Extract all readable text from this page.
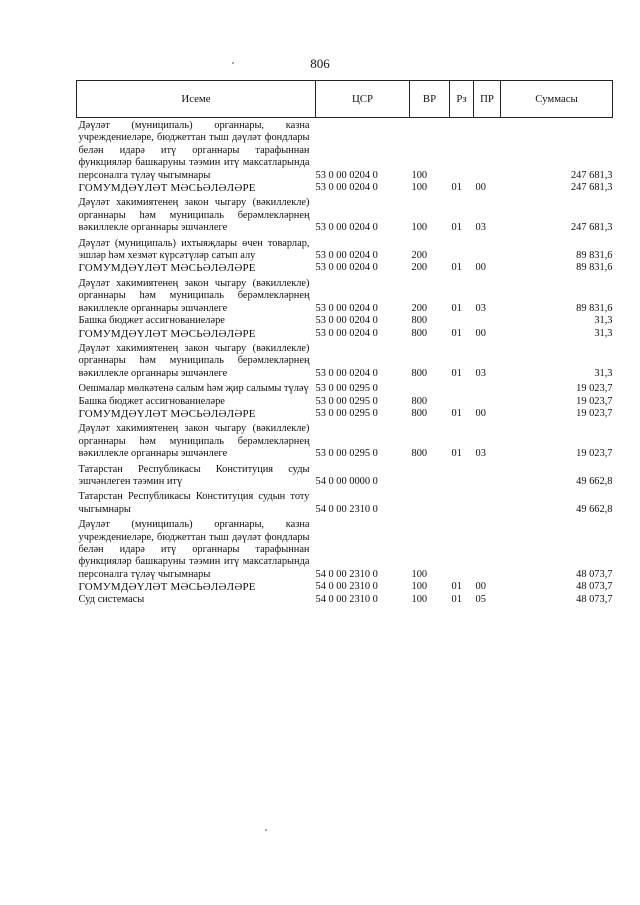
806
Исеме	ЦСР	ВР	Рз	ПР	Суммасы
Дәүләт (муниципаль) органнары, казна учреждениеләре, бюджеттан тыш дәүләт фондлары белән идарә итү органнары тарафыннан функцияләр башкаруны тәэмин итү максатларында персоналга түләү чыгымнары	53 0 00 0204 0	100			247 681,3
ГОМУМДӘҮЛӘТ МӘСЬӘЛӘЛӘРЕ	53 0 00 0204 0	100	01	00	247 681,3
Дәүләт хакимиятенең закон чыгару (вәкиллекле) органнары һәм муниципаль берәмлекләрнең вәкиллекле органнары эшчәнлеге	53 0 00 0204 0	100	01	03	247 681,3
Дәүләт (муниципаль) ихтыяҗлары өчен товарлар, эшләр һәм хезмәт күрсәтүләр сатып алу	53 0 00 0204 0	200			89 831,6
ГОМУМДӘҮЛӘТ МӘСЬӘЛӘЛӘРЕ	53 0 00 0204 0	200	01	00	89 831,6
Дәүләт хакимиятенең закон чыгару (вәкиллекле) органнары һәм муниципаль берәмлекләрнең вәкиллекле органнары эшчәнлеге	53 0 00 0204 0	200	01	03	89 831,6
Башка бюджет ассигнованиеләре	53 0 00 0204 0	800			31,3
ГОМУМДӘҮЛӘТ МӘСЬӘЛӘЛӘРЕ	53 0 00 0204 0	800	01	00	31,3
Дәүләт хакимиятенең закон чыгару (вәкиллекле) органнары һәм муниципаль берәмлекләрнең вәкиллекле органнары эшчәнлеге	53 0 00 0204 0	800	01	03	31,3
Оешмалар мөлкәтенә салым һәм җир салымы түләү	53 0 00 0295 0				19 023,7
Башка бюджет ассигнованиеләре	53 0 00 0295 0	800			19 023,7
ГОМУМДӘҮЛӘТ МӘСЬӘЛӘЛӘРЕ	53 0 00 0295 0	800	01	00	19 023,7
Дәүләт хакимиятенең закон чыгару (вәкиллекле) органнары һәм муниципаль берәмлекләрнең вәкиллекле органнары эшчәнлеге	53 0 00 0295 0	800	01	03	19 023,7
Татарстан Республикасы Конституция суды эшчәнлеген тәэмин итү	54 0 00 0000 0				49 662,8
Татарстан Республикасы Конституция судын тоту чыгымнары	54 0 00 2310 0				49 662,8
Дәүләт (муниципаль) органнары, казна учреждениеләре, бюджеттан тыш дәүләт фондлары белән идарә итү органнары тарафыннан функцияләр башкаруны тәэмин итү максатларында персоналга түләү чыгымнары	54 0 00 2310 0	100			48 073,7
ГОМУМДӘҮЛӘТ МӘСЬӘЛӘЛӘРЕ	54 0 00 2310 0	100	01	00	48 073,7
Суд системасы	54 0 00 2310 0	100	01	05	48 073,7
